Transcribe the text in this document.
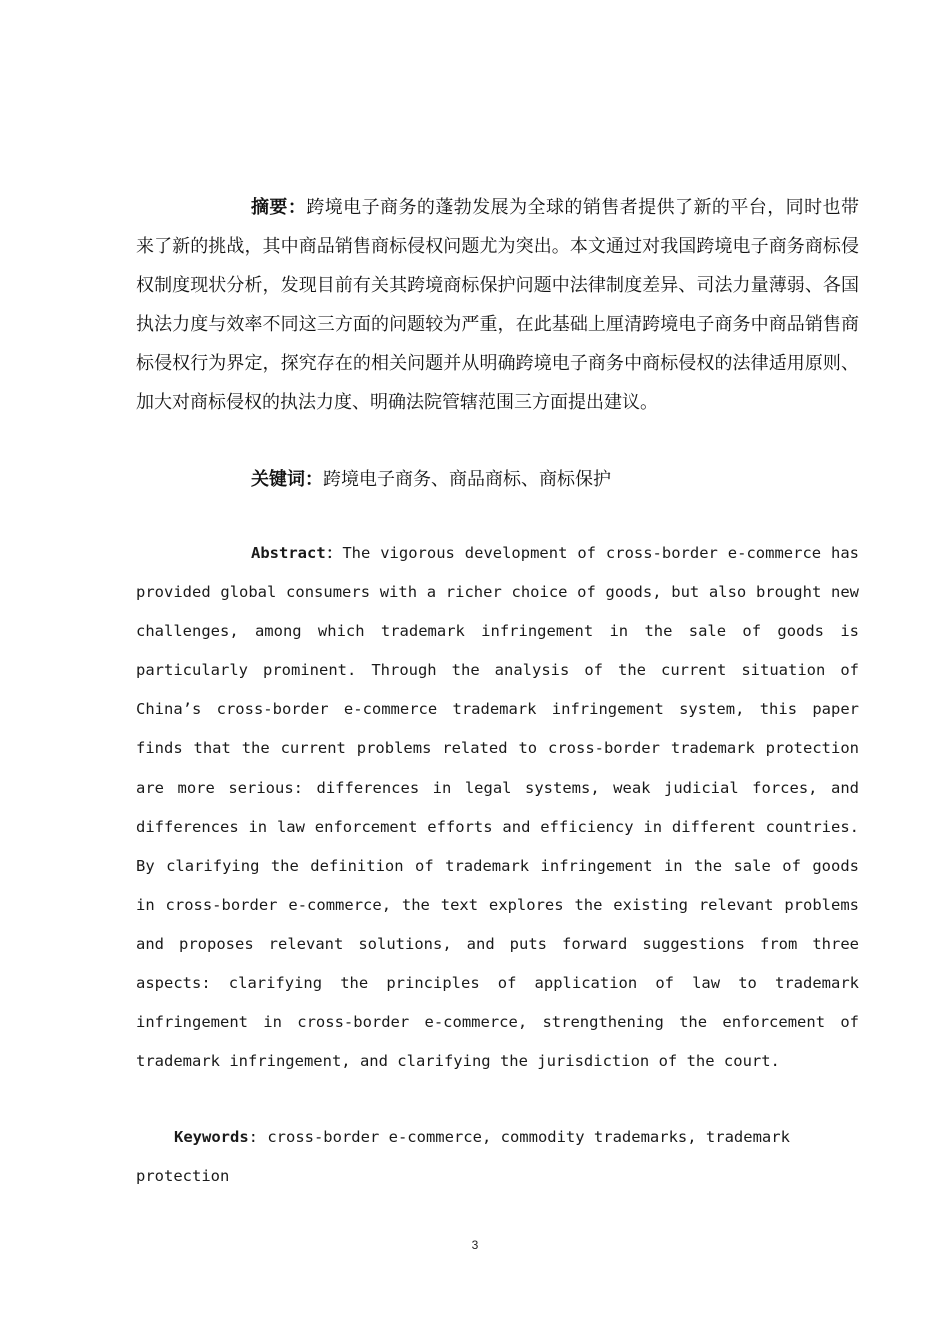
摘要：跨境电子商务的蓬勃发展为全球的销售者提供了新的平台，同时也带来了新的挑战，其中商品销售商标侵权问题尤为突出。本文通过对我国跨境电子商务商标侵权制度现状分析，发现目前有关其跨境商标保护问题中法律制度差异、司法力量薄弱、各国执法力度与效率不同这三方面的问题较为严重，在此基础上厘清跨境电子商务中商品销售商标侵权行为界定，探究存在的相关问题并从明确跨境电子商务中商标侵权的法律适用原则、加大对商标侵权的执法力度、明确法院管辖范围三方面提出建议。

关键词：跨境电子商务、商品商标、商标保护

Abstract：The vigorous development of cross-border e-commerce has provided global consumers with a richer choice of goods, but also brought new challenges, among which trademark infringement in the sale of goods is particularly prominent. Through the analysis of the current situation of China’s cross-border e-commerce trademark infringement system, this paper finds that the current problems related to cross-border trademark protection are more serious: differences in legal systems, weak judicial forces, and differences in law enforcement efforts and efficiency in different countries. By clarifying the definition of trademark infringement in the sale of goods in cross-border e-commerce, the text explores the existing relevant problems and proposes relevant solutions, and puts forward suggestions from three aspects: clarifying the principles of application of law to trademark infringement in cross-border e-commerce, strengthening the enforcement of trademark infringement, and clarifying the jurisdiction of the court.

Keywords: cross-border e-commerce, commodity trademarks, trademark protection

3
